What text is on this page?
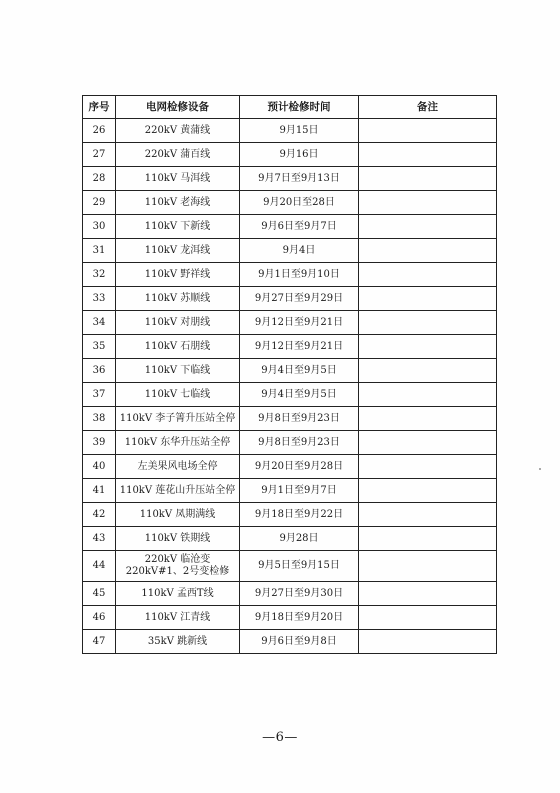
序号	电网检修设备	预计检修时间	备注
26	220kV 黄蒲线	9月15日	
27	220kV 蒲百线	9月16日	
28	110kV 马洱线	9月7日至9月13日	
29	110kV 老海线	9月20日至28日	
30	110kV 下新线	9月6日至9月7日	
31	110kV 龙洱线	9月4日	
32	110kV 野祥线	9月1日至9月10日	
33	110kV 苏顺线	9月27日至9月29日	
34	110kV 对朋线	9月12日至9月21日	
35	110kV 石朋线	9月12日至9月21日	
36	110kV 下临线	9月4日至9月5日	
37	110kV 七临线	9月4日至9月5日	
38	110kV 李子箐升压站全停	9月8日至9月23日	
39	110kV 东华升压站全停	9月8日至9月23日	
40	左美果风电场全停	9月20日至9月28日	
41	110kV 莲花山升压站全停	9月1日至9月7日	
42	110kV 凤期满线	9月18日至9月22日	
43	110kV 铁期线	9月28日	
44	220kV 临沧变 220kV#1、2号变检修	9月5日至9月15日	
45	110kV 孟西T线	9月27日至9月30日	
46	110kV 江青线	9月18日至9月20日	
47	35kV 跳新线	9月6日至9月8日	
—6—
